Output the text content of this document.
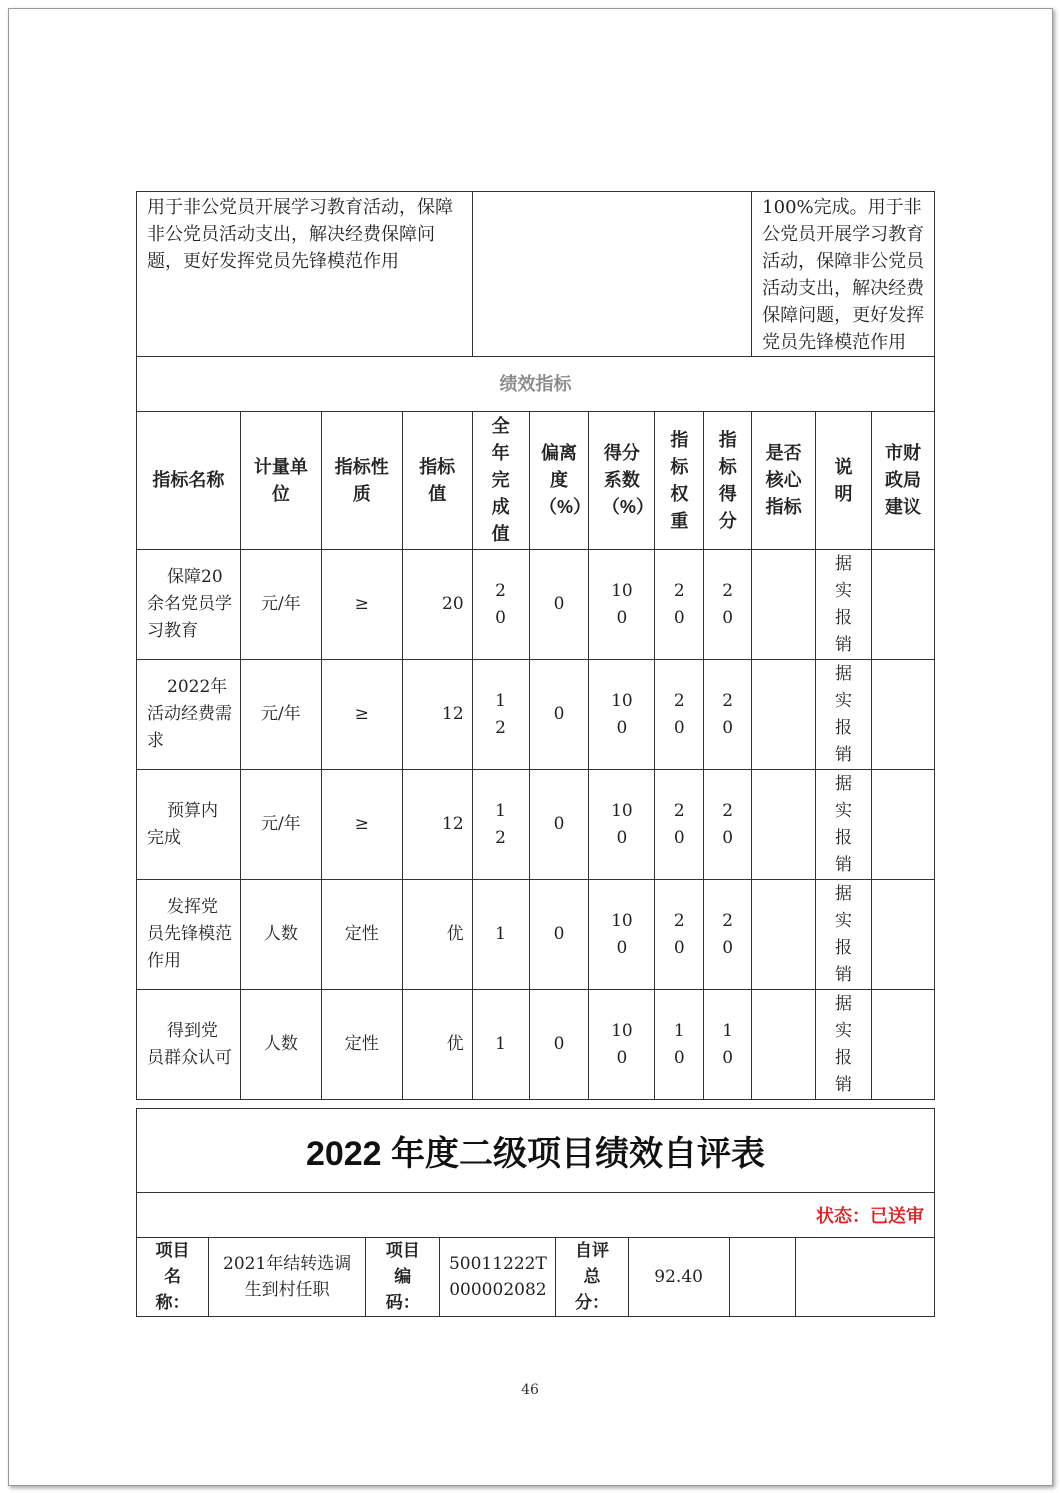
用于非公党员开展学习教育活动，保障非公党员活动支出，解决经费保障问题，更好发挥党员先锋模范作用									100%完成。用于非公党员开展学习教育活动，保障非公党员活动支出，解决经费保障问题，更好发挥党员先锋模范作用		
绩效指标											
指标名称	计量单位	指标性质	指标值	全年完成值	偏离度（%）	得分系数（%）	指标权重	指标得分	是否核心指标	说明	市财政局建议

保障20余名党员学习教育	元/年	≥	20	20	0	100	20	20		据实报销	

2022年活动经费需求	元/年	≥	12	12	0	100	20	20		据实报销	

预算内完成	元/年	≥	12	12	0	100	20	20		据实报销	

发挥党员先锋模范作用	人数	定性	优	1	0	100	20	20		据实报销	

得到党员群众认可	人数	定性	优	1	0	100	10	10		据实报销	

2022 年度二级项目绩效自评表
状态：已送审

项目名称：

2021年结转选调生到村任职

项目编码：

50011222T000002082

自评总分：
	92.40		
46
